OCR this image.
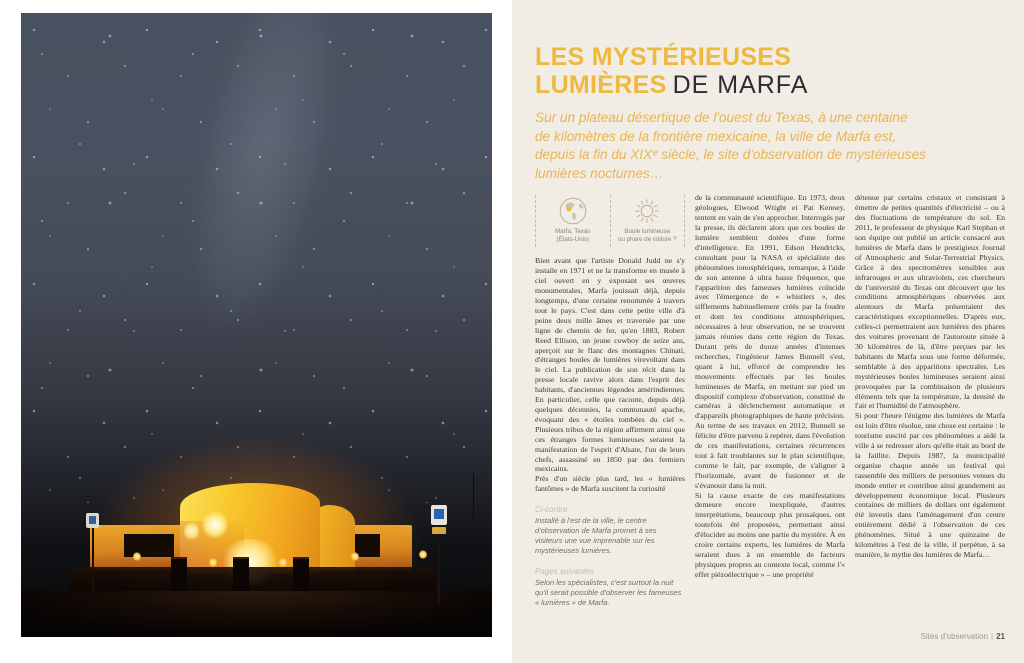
LES MYSTÉRIEUSES
LUMIÈRES DE MARFA
Sur un plateau désertique de l'ouest du Texas, à une centaine
de kilomètres de la frontière mexicaine, la ville de Marfa est,
depuis la fin du XIXᵉ siècle, le site d'observation de mystérieuses
lumières nocturnes…
Marfa, Texas
(États-Unis)
Boule lumineuse
ou phare de voiture ?

Bien avant que l'artiste Donald Judd ne s'y installe en 1971 et ne la transforme en musée à ciel ouvert en y exposant ses œuvres monumentales, Marfa jouissait déjà, depuis longtemps, d'une certaine renommée à travers tout le pays. C'est dans cette petite ville d'à peine deux mille âmes et traversée par une ligne de chemin de fer, qu'en 1883, Robert Reed Ellison, un jeune cowboy de seize ans, aperçoit sur le flanc des montagnes Chinati, d'étranges boules de lumières virevoltant dans le ciel. La publication de son récit dans la presse locale ravive alors dans l'esprit des habitants, d'anciennes légendes amérindiennes. En particulier, celle que raconte, depuis déjà quelques décennies, la communauté apache, évoquant des « étoiles tombées du ciel ». Plusieurs tribus de la région affirment ainsi que ces étranges formes lumineuses seraient la manifestation de l'esprit d'Alsate, l'un de leurs chefs, assassiné en 1850 par des fermiers mexicains.

Près d'un siècle plus tard, les « lumières fantômes » de Marfa suscitent la curiosité

Ci-contre
Installé à l'est de la ville, le centre d'observation de Marfa promet à ses visiteurs une vue imprenable sur les mystérieuses lumières.
Pages suivantes
Selon les spécialistes, c'est surtout la nuit qu'il serait possible d'observer les fameuses « lumières » de Marfa.

de la communauté scientifique. En 1973, deux géologues, Elwood Wright et Pat Kenney, tentent en vain de s'en approcher. Interrogés par la presse, ils déclarent alors que ces boules de lumière semblent dotées d'une forme d'intelligence. En 1991, Edson Hendricks, consultant pour la NASA et spécialiste des phénomènes ionosphériques, remarque, à l'aide de son antenne à ultra basse fréquence, que l'apparition des fameuses lumières coïncide avec l'émergence de « whistlers », des sifflements habituellement créés par la foudre et dont les conditions atmosphériques, nécessaires à leur observation, ne se trouvent jamais réunies dans cette région du Texas. Durant près de douze années d'intenses recherches, l'ingénieur James Bunnell s'est, quant à lui, efforcé de comprendre les mouvements effectués par les boules lumineuses de Marfa, en mettant sur pied un dispositif complexe d'observation, constitué de caméras à déclenchement automatique et d'appareils photographiques de haute précision. Au terme de ses travaux en 2012, Bunnell se félicite d'être parvenu à repérer, dans l'évolution de ces manifestations, certaines récurrences tout à fait troublantes sur le plan scientifique, comme le fait, par exemple, de s'aligner à l'horizontale, avant de fusionner et de s'évanouir dans la nuit.

Si la cause exacte de ces manifestations demeure encore inexpliquée, d'autres interprétations, beaucoup plus prosaïques, ont toutefois été proposées, permettant ainsi d'élucider au moins une partie du mystère. À en croire certains experts, les lumières de Marfa seraient dues à un ensemble de facteurs physiques propres au contexte local, comme l'« effet piézoélectrique » – une propriété

détenue par certains cristaux et consistant à émettre de petites quantités d'électricité – ou à des fluctuations de température du sol. En 2011, le professeur de physique Karl Stephan et son équipe ont publié un article consacré aux lumières de Marfa dans le prestigieux Journal of Atmospheric and Solar-Terrestrial Physics. Grâce à des spectromètres sensibles aux infrarouges et aux ultraviolets, ces chercheurs de l'université du Texas ont découvert que les conditions atmosphériques observées aux alentours de Marfa présentaient des caractéristiques exceptionnelles. D'après eux, celles-ci permettraient aux lumières des phares des voitures provenant de l'autoroute située à 30 kilomètres de là, d'être perçues par les habitants de Marfa sous une forme déformée, semblable à des apparitions spectrales. Les mystérieuses boules lumineuses seraient ainsi provoquées par la combinaison de plusieurs éléments tels que la température, la densité de l'air et l'humidité de l'atmosphère.

Si pour l'heure l'énigme des lumières de Marfa est loin d'être résolue, une chose est certaine : le tourisme suscité par ces phénomènes a aidé la ville à se redresser alors qu'elle était au bord de la faillite. Depuis 1987, la municipalité organise chaque année un festival qui rassemble des milliers de personnes venues du monde entier et contribue ainsi grandement au développement économique local. Plusieurs centaines de milliers de dollars ont également été investis dans l'aménagement d'un centre entièrement dédié à l'observation de ces phénomènes. Situé à une quinzaine de kilomètres à l'est de la ville, il perpétue, à sa manière, le mythe des lumières de Marfa…

Sites d'observation | 21
